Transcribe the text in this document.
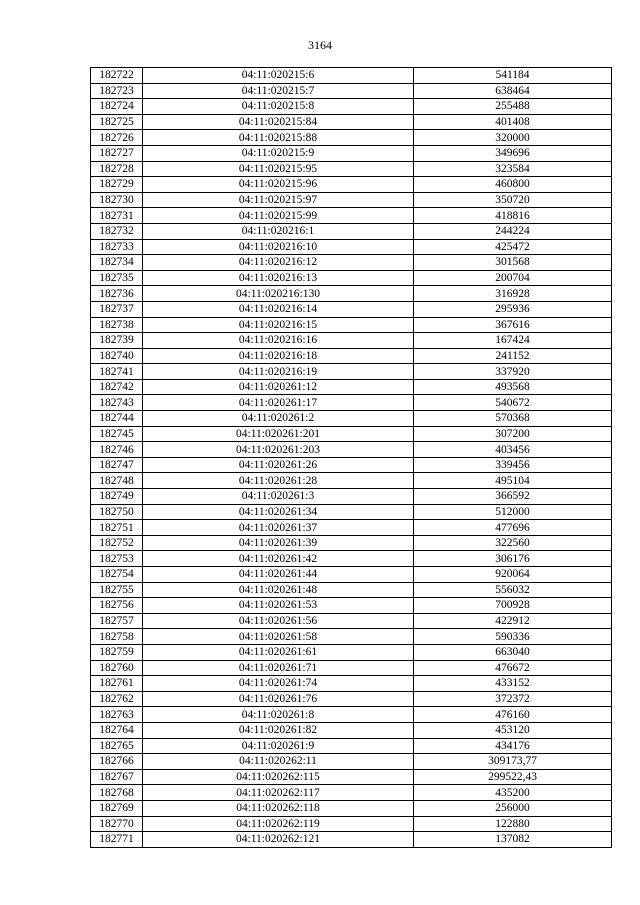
3164
182722	04:11:020215:6	541184
182723	04:11:020215:7	638464
182724	04:11:020215:8	255488
182725	04:11:020215:84	401408
182726	04:11:020215:88	320000
182727	04:11:020215:9	349696
182728	04:11:020215:95	323584
182729	04:11:020215:96	460800
182730	04:11:020215:97	350720
182731	04:11:020215:99	418816
182732	04:11:020216:1	244224
182733	04:11:020216:10	425472
182734	04:11:020216:12	301568
182735	04:11:020216:13	200704
182736	04:11:020216:130	316928
182737	04:11:020216:14	295936
182738	04:11:020216:15	367616
182739	04:11:020216:16	167424
182740	04:11:020216:18	241152
182741	04:11:020216:19	337920
182742	04:11:020261:12	493568
182743	04:11:020261:17	540672
182744	04:11:020261:2	570368
182745	04:11:020261:201	307200
182746	04:11:020261:203	403456
182747	04:11:020261:26	339456
182748	04:11:020261:28	495104
182749	04:11:020261:3	366592
182750	04:11:020261:34	512000
182751	04:11:020261:37	477696
182752	04:11:020261:39	322560
182753	04:11:020261:42	306176
182754	04:11:020261:44	920064
182755	04:11:020261:48	556032
182756	04:11:020261:53	700928
182757	04:11:020261:56	422912
182758	04:11:020261:58	590336
182759	04:11:020261:61	663040
182760	04:11:020261:71	476672
182761	04:11:020261:74	433152
182762	04:11:020261:76	372372
182763	04:11:020261:8	476160
182764	04:11:020261:82	453120
182765	04:11:020261:9	434176
182766	04:11:020262:11	309173,77
182767	04:11:020262:115	299522,43
182768	04:11:020262:117	435200
182769	04:11:020262:118	256000
182770	04:11:020262:119	122880
182771	04:11:020262:121	137082
